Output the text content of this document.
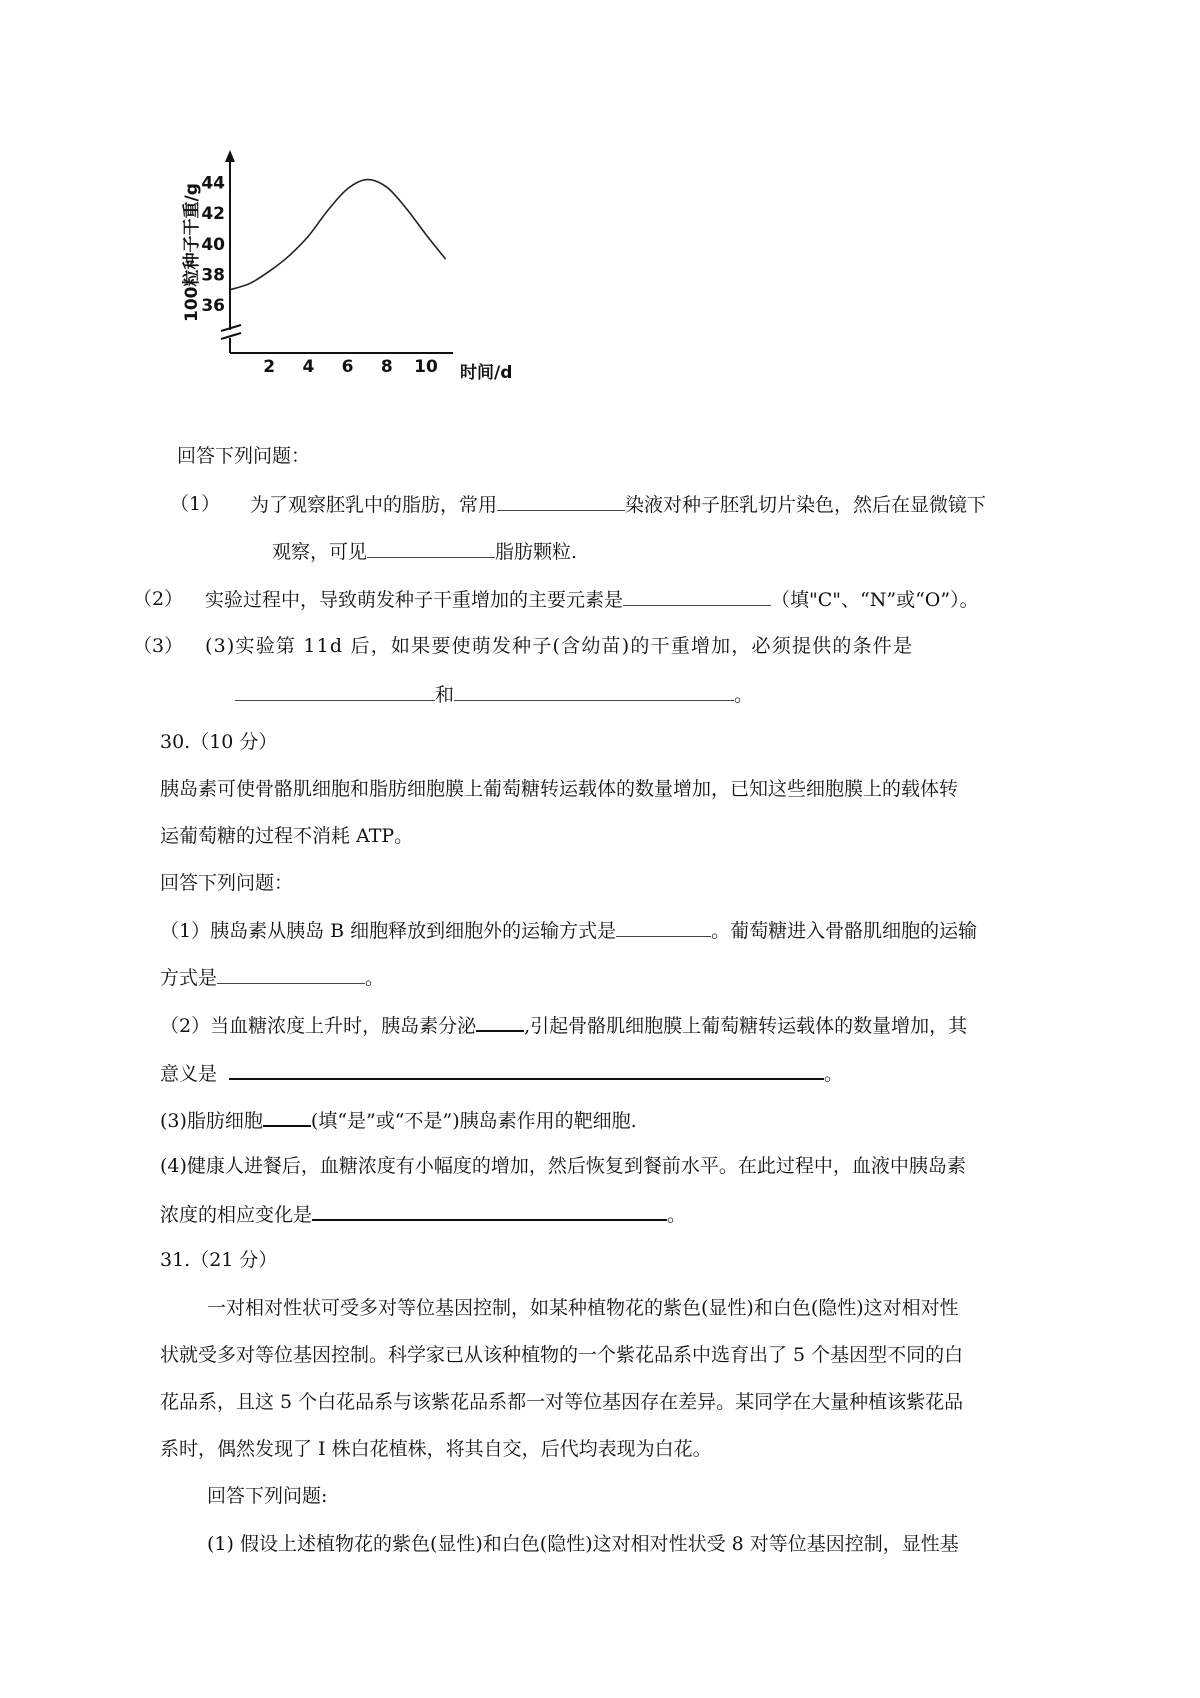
36
38
40
42
44
2 4 6 8 10
100粒种子干重/g
时间/d
回答下列问题：
（1） 为了观察胚乳中的脂肪，常用	染液对种子胚乳切片染色，然后在显微镜下
观察，可见	脂肪颗粒.
（2） 实验过程中，导致萌发种子干重增加的主要元素是	（填"C"、“N”或“O”）。
（3） (3)实验第 11d 后，如果要使萌发种子(含幼苗)的干重增加，必须提供的条件是
和	。
30.（10 分）
胰岛素可使骨骼肌细胞和脂肪细胞膜上葡萄糖转运载体的数量增加，已知这些细胞膜上的载体转
运葡萄糖的过程不消耗 ATP。
回答下列问题：
（1）胰岛素从胰岛 B 细胞释放到细胞外的运输方式是	。葡萄糖进入骨骼肌细胞的运输
方式是	。
（2）当血糖浓度上升时，胰岛素分泌	,引起骨骼肌细胞膜上葡萄糖转运载体的数量增加，其
意义是	。
(3)脂肪细胞	(填“是”或“不是”)胰岛素作用的靶细胞.
(4)健康人进餐后，血糖浓度有小幅度的增加，然后恢复到餐前水平。在此过程中，血液中胰岛素
浓度的相应变化是	。
31.（21 分）
一对相对性状可受多对等位基因控制，如某种植物花的紫色(显性)和白色(隐性)这对相对性
状就受多对等位基因控制。科学家已从该种植物的一个紫花品系中选育出了 5 个基因型不同的白
花品系，且这 5 个白花品系与该紫花品系都一对等位基因存在差异。某同学在大量种植该紫花品
系时，偶然发现了 I 株白花植株，将其自交，后代均表现为白花。
回答下列问题:
(1) 假设上述植物花的紫色(显性)和白色(隐性)这对相对性状受 8 对等位基因控制，显性基
